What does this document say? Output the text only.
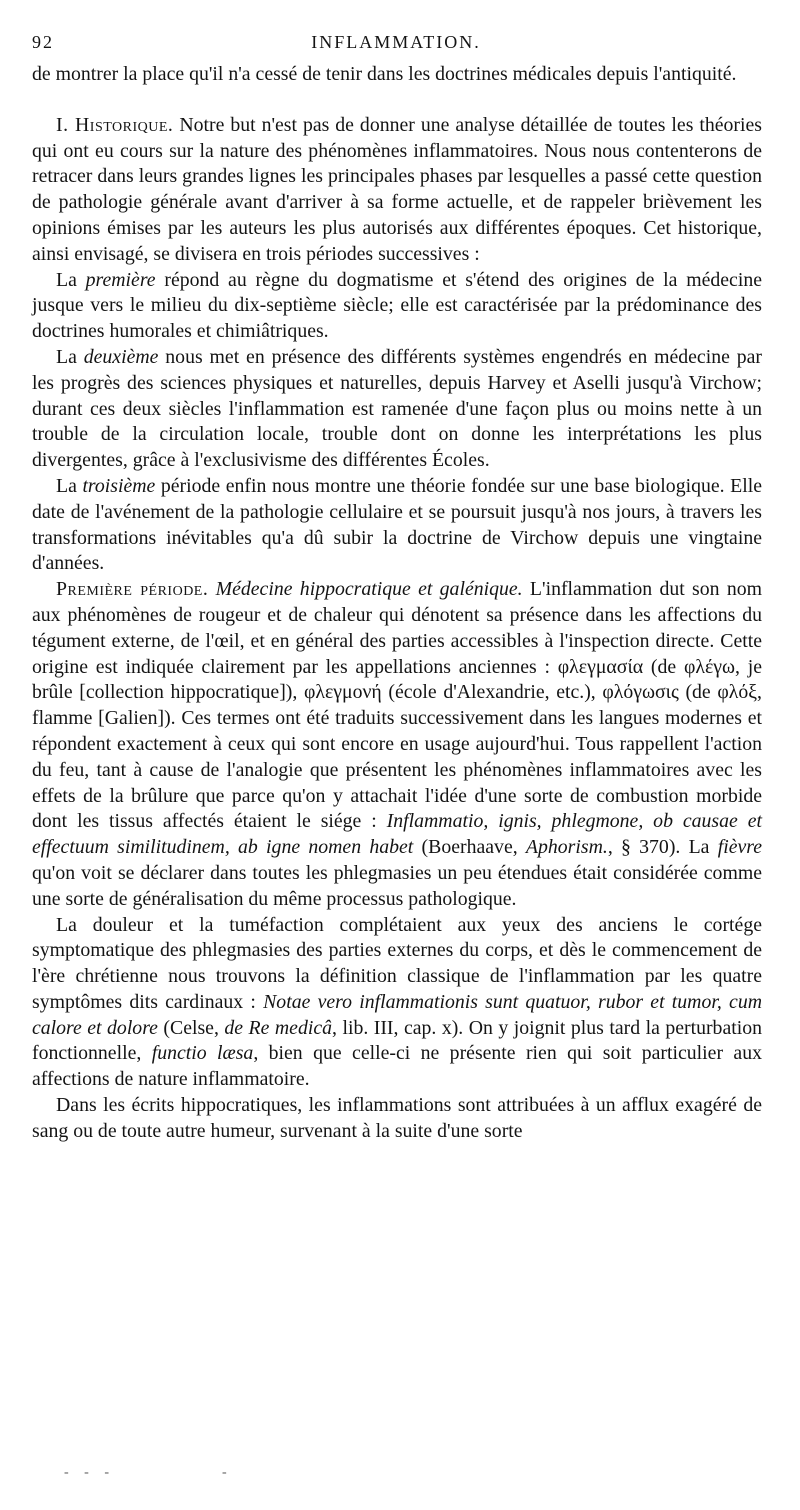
92	INFLAMMATION.

de montrer la place qu'il n'a cessé de tenir dans les doctrines médicales depuis l'antiquité.

I. Historique. Notre but n'est pas de donner une analyse détaillée de toutes les théories qui ont eu cours sur la nature des phénomènes inflammatoires. Nous nous contenterons de retracer dans leurs grandes lignes les principales phases par lesquelles a passé cette question de pathologie générale avant d'arriver à sa forme actuelle, et de rappeler brièvement les opinions émises par les auteurs les plus autorisés aux différentes époques. Cet historique, ainsi envisagé, se divisera en trois périodes successives :

La première répond au règne du dogmatisme et s'étend des origines de la médecine jusque vers le milieu du dix-septième siècle; elle est caractérisée par la prédominance des doctrines humorales et chimiâtriques.

La deuxième nous met en présence des différents systèmes engendrés en médecine par les progrès des sciences physiques et naturelles, depuis Harvey et Aselli jusqu'à Virchow; durant ces deux siècles l'inflammation est ramenée d'une façon plus ou moins nette à un trouble de la circulation locale, trouble dont on donne les interprétations les plus divergentes, grâce à l'exclusivisme des différentes Écoles.

La troisième période enfin nous montre une théorie fondée sur une base biologique. Elle date de l'avénement de la pathologie cellulaire et se poursuit jusqu'à nos jours, à travers les transformations inévitables qu'a dû subir la doctrine de Virchow depuis une vingtaine d'années.

Première période. Médecine hippocratique et galénique. L'inflammation dut son nom aux phénomènes de rougeur et de chaleur qui dénotent sa présence dans les affections du tégument externe, de l'œil, et en général des parties accessibles à l'inspection directe. Cette origine est indiquée clairement par les appellations anciennes : φλεγμασία (de φλέγω, je brûle [collection hippocratique]), φλεγμονή (école d'Alexandrie, etc.), φλόγωσις (de φλόξ, flamme [Galien]). Ces termes ont été traduits successivement dans les langues modernes et répondent exactement à ceux qui sont encore en usage aujourd'hui. Tous rappellent l'action du feu, tant à cause de l'analogie que présentent les phénomènes inflammatoires avec les effets de la brûlure que parce qu'on y attachait l'idée d'une sorte de combustion morbide dont les tissus affectés étaient le siége : Inflammatio, ignis, phlegmone, ob causae et effectuum similitudinem, ab igne nomen habet (Boerhaave, Aphorism., § 370). La fièvre qu'on voit se déclarer dans toutes les phlegmasies un peu étendues était considérée comme une sorte de généralisation du même processus pathologique.

La douleur et la tuméfaction complétaient aux yeux des anciens le cortége symptomatique des phlegmasies des parties externes du corps, et dès le commencement de l'ère chrétienne nous trouvons la définition classique de l'inflammation par les quatre symptômes dits cardinaux : Notae vero inflammationis sunt quatuor, rubor et tumor, cum calore et dolore (Celse, de Re medicâ, lib. III, cap. x). On y joignit plus tard la perturbation fonctionnelle, functio læsa, bien que celle-ci ne présente rien qui soit particulier aux affections de nature inflammatoire.

Dans les écrits hippocratiques, les inflammations sont attribuées à un afflux exagéré de sang ou de toute autre humeur, survenant à la suite d'une sorte

- - -	-
